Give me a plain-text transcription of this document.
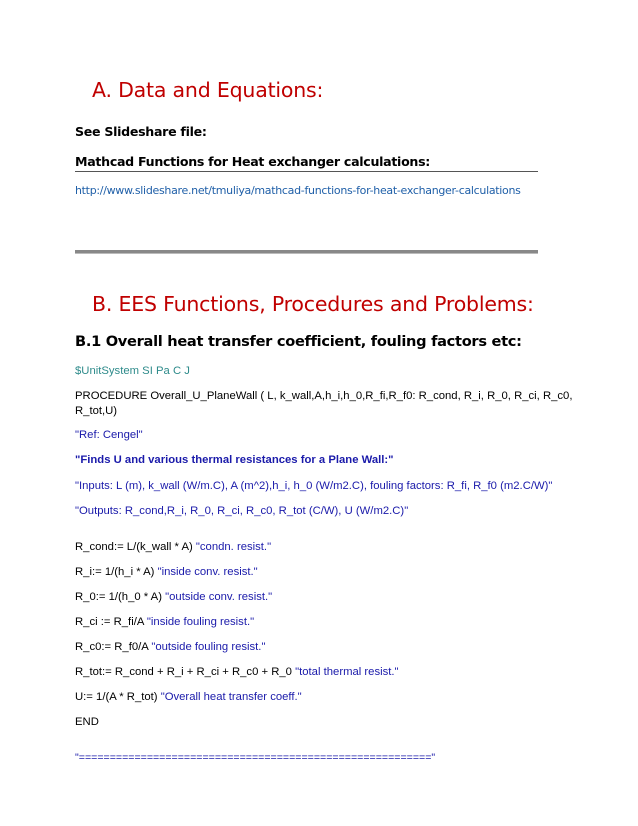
A. Data and Equations:
See Slideshare file:
Mathcad Functions for Heat exchanger calculations:
http://www.slideshare.net/tmuliya/mathcad-functions-for-heat-exchanger-calculations
B. EES Functions, Procedures and Problems:
B.1 Overall heat transfer coefficient, fouling factors etc:
$UnitSystem SI Pa C J
PROCEDURE Overall_U_PlaneWall ( L, k_wall,A,h_i,h_0,R_fi,R_f0: R_cond, R_i, R_0, R_ci, R_c0,
R_tot,U)
"Ref: Cengel"
"Finds U and various thermal resistances for a Plane Wall:"
"Inputs: L (m), k_wall (W/m.C), A (m^2),h_i, h_0 (W/m2.C), fouling factors: R_fi, R_f0 (m2.C/W)"
"Outputs: R_cond,R_i, R_0, R_ci, R_c0, R_tot (C/W), U (W/m2.C)"
R_cond:= L/(k_wall * A) "condn. resist."
R_i:= 1/(h_i * A) "inside conv. resist."
R_0:= 1/(h_0 * A) "outside conv. resist."
R_ci := R_fi/A "inside fouling resist."
R_c0:= R_f0/A "outside fouling resist."
R_tot:= R_cond + R_i + R_ci + R_c0 + R_0 "total thermal resist."
U:= 1/(A * R_tot) "Overall heat transfer coeff."
END
"========================================================="
